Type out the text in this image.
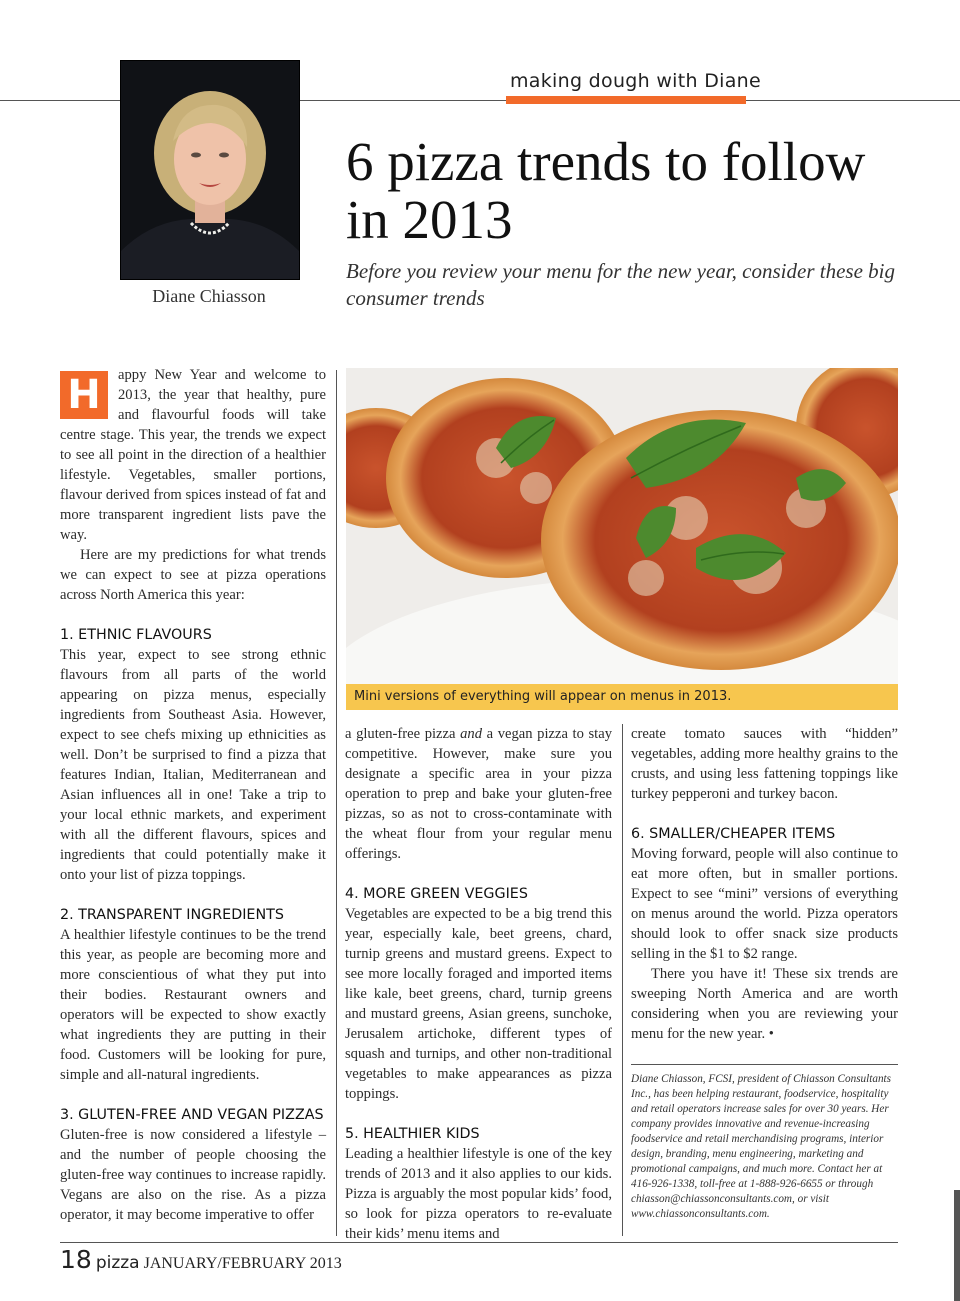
making dough with Diane
Diane Chiasson
6 pizza trends to follow in 2013

Before you review your menu for the new year, consider these big consumer trends

H	appy New Year and welcome to 2013, the year that healthy, pure and flavourful foods will take centre stage. This year, the trends we expect to see all point in the direction of a healthier lifestyle. Vegetables, smaller portions, flavour derived from spices instead of fat and more transparent ingredient lists pave the way.

Here are my predictions for what trends we can expect to see at pizza operations across North America this year:

1. ETHNIC FLAVOURS

This year, expect to see strong ethnic flavours from all parts of the world appearing on pizza menus, especially ingredients from Southeast Asia. However, expect to see chefs mixing up ethnicities as well. Don’t be surprised to find a pizza that features Indian, Italian, Mediterranean and Asian influences all in one! Take a trip to your local ethnic markets, and experiment with all the different flavours, spices and ingredients that could potentially make it onto your list of pizza toppings.

2. TRANSPARENT INGREDIENTS

A healthier lifestyle continues to be the trend this year, as people are becoming more and more conscientious of what they put into their bodies. Restaurant owners and operators will be expected to show exactly what ingredients they are putting in their food. Customers will be looking for pure, simple and all-natural ingredients.

3. GLUTEN-FREE AND VEGAN PIZZAS

Gluten-free is now considered a lifestyle – and the number of people choosing the gluten-free way continues to increase rapidly. Vegans are also on the rise. As a pizza operator, it may become imperative to offer

Mini versions of everything will appear on menus in 2013.

a gluten-free pizza and a vegan pizza to stay competitive. However, make sure you designate a specific area in your pizza operation to prep and bake your gluten-free pizzas, so as not to cross-contaminate with the wheat flour from your regular menu offerings.

4. MORE GREEN VEGGIES

Vegetables are expected to be a big trend this year, especially kale, beet greens, chard, turnip greens and mustard greens. Expect to see more locally foraged and imported items like kale, beet greens, chard, turnip greens and mustard greens, Asian greens, sunchoke, Jerusalem artichoke, different types of squash and turnips, and other non-traditional vegetables to make appearances as pizza toppings.

5. HEALTHIER KIDS

Leading a healthier lifestyle is one of the key trends of 2013 and it also applies to our kids. Pizza is arguably the most popular kids’ food, so look for pizza operators to re-evaluate their kids’ menu items and

create tomato sauces with “hidden” vegetables, adding more healthy grains to the crusts, and using less fattening toppings like turkey pepperoni and turkey bacon.

6. SMALLER/CHEAPER ITEMS

Moving forward, people will also continue to eat more often, but in smaller portions. Expect to see “mini” versions of everything on menus around the world. Pizza operators should look to offer snack size products selling in the $1 to $2 range.

There you have it! These six trends are sweeping North America and are worth considering when you are reviewing your menu for the new year. •

Diane Chiasson, FCSI, president of Chiasson Consultants Inc., has been helping restaurant, foodservice, hospitality and retail operators increase sales for over 30 years. Her company provides innovative and revenue-increasing foodservice and retail merchandising programs, interior design, branding, menu engineering, marketing and promotional campaigns, and much more. Contact her at 416-926-1338, toll-free at 1-888-926-6655 or through chiasson@chiassonconsultants.com, or visit www.chiassonconsultants.com.
18 pizza JANUARY/FEBRUARY 2013
